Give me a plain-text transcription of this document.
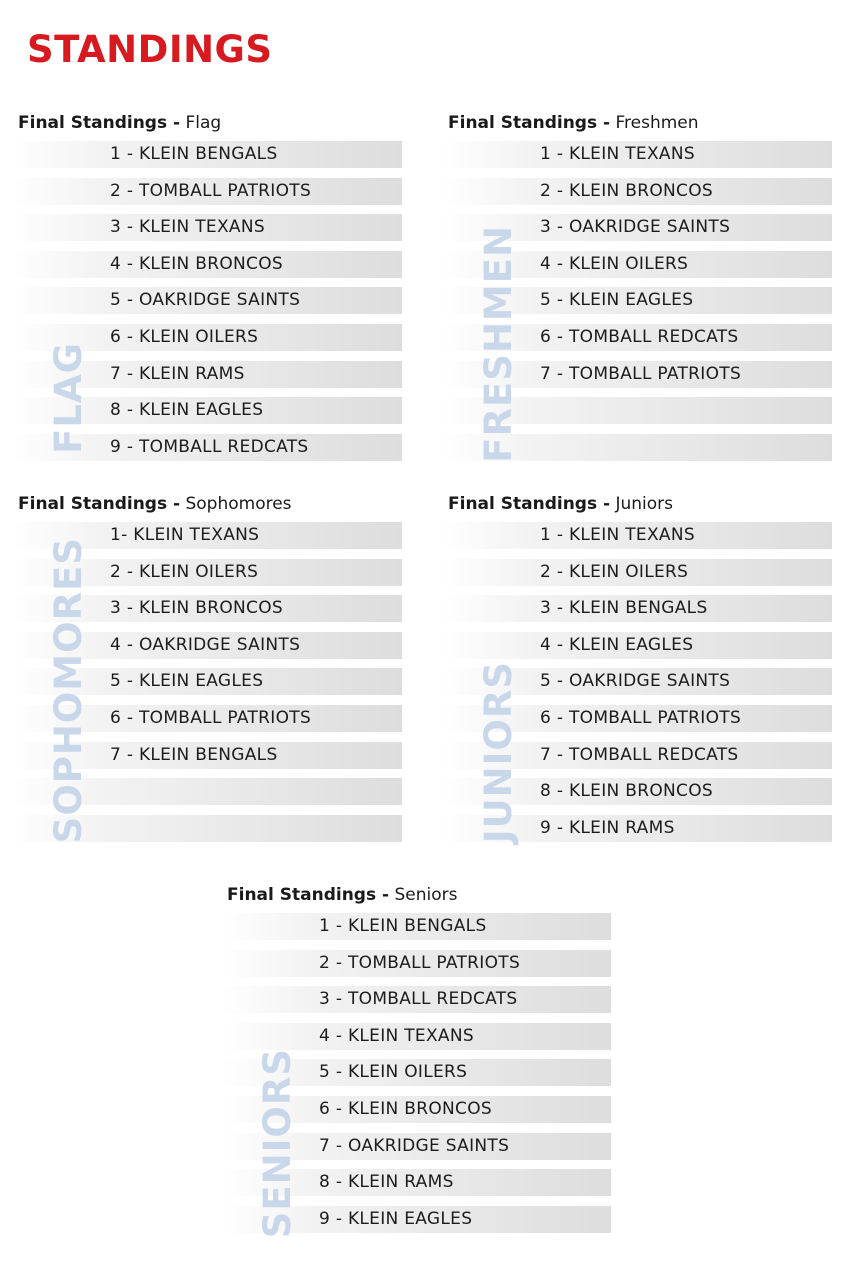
STANDINGS
Final Standings - Flag
1 - KLEIN BENGALS
2 - TOMBALL PATRIOTS
3 - KLEIN TEXANS
4 - KLEIN BRONCOS
5 - OAKRIDGE SAINTS
6 - KLEIN OILERS
7 - KLEIN RAMS
8 - KLEIN EAGLES
9 - TOMBALL REDCATS
FLAG
Final Standings - Freshmen
1 - KLEIN TEXANS
2 - KLEIN BRONCOS
3 - OAKRIDGE SAINTS
4 - KLEIN OILERS
5 - KLEIN EAGLES
6 - TOMBALL REDCATS
7 - TOMBALL PATRIOTS
FRESHMEN
Final Standings - Sophomores
1- KLEIN TEXANS
2 - KLEIN OILERS
3 - KLEIN BRONCOS
4 - OAKRIDGE SAINTS
5 - KLEIN EAGLES
6 - TOMBALL PATRIOTS
7 - KLEIN BENGALS
SOPHOMORES
Final Standings - Juniors
1 - KLEIN TEXANS
2 - KLEIN OILERS
3 - KLEIN BENGALS
4 - KLEIN EAGLES
5 - OAKRIDGE SAINTS
6 - TOMBALL PATRIOTS
7 - TOMBALL REDCATS
8 - KLEIN BRONCOS
9 - KLEIN RAMS
JUNIORS
Final Standings - Seniors
1 - KLEIN BENGALS
2 - TOMBALL PATRIOTS
3 - TOMBALL REDCATS
4 - KLEIN TEXANS
5 - KLEIN OILERS
6 - KLEIN BRONCOS
7 - OAKRIDGE SAINTS
8 - KLEIN RAMS
9 - KLEIN EAGLES
SENIORS
